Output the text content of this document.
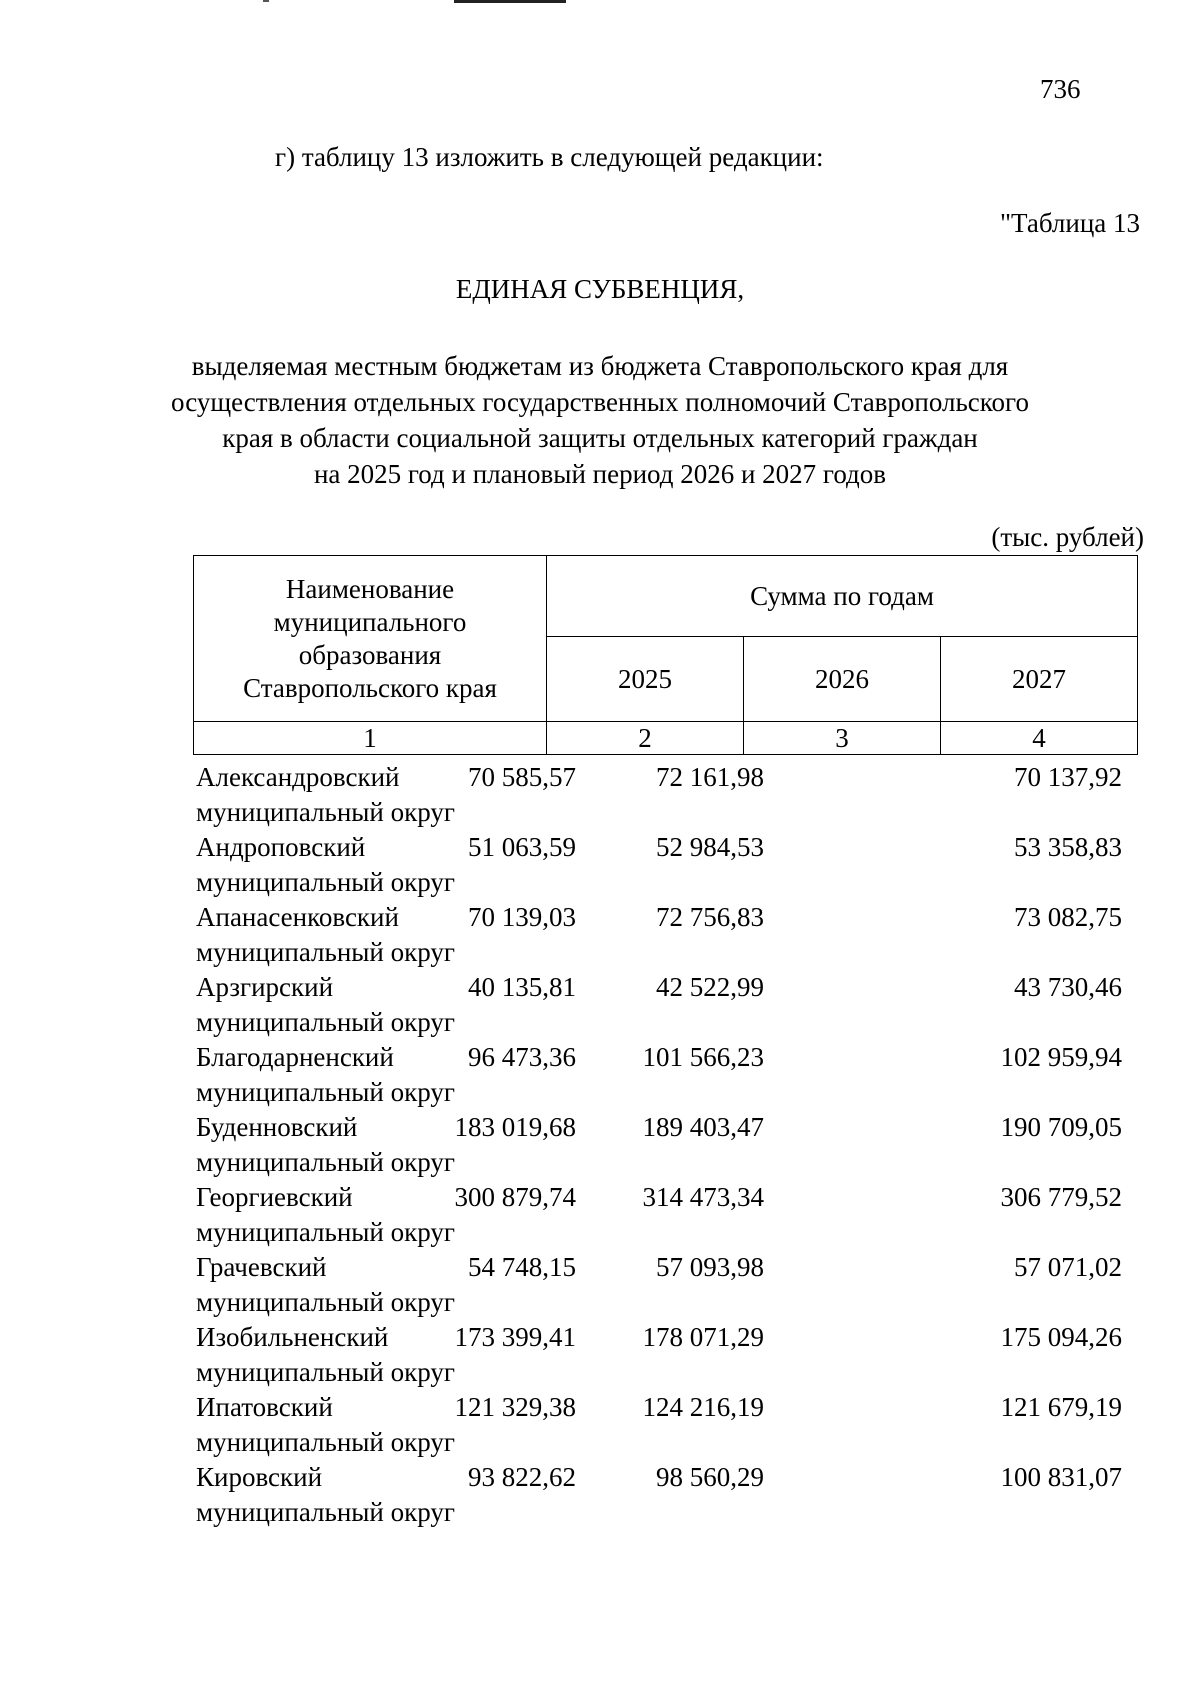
736
г) таблицу 13 изложить в следующей редакции:
"Таблица 13
ЕДИНАЯ СУБВЕНЦИЯ,
выделяемая местным бюджетам из бюджета Ставропольского края для
осуществления отдельных государственных полномочий Ставропольского
края в области социальной защиты отдельных категорий граждан
на 2025 год и плановый период 2026 и 2027 годов
(тыс. рублей)
Наименование
муниципального
образования
Ставропольского края	Сумма по годам		
	2025	2026	2027
1	2	3	4
Александровский
муниципальный округ
70 585,57	72 161,98	70 137,92
Андроповский
муниципальный округ
51 063,59	52 984,53	53 358,83
Апанасенковский
муниципальный округ
70 139,03	72 756,83	73 082,75
Арзгирский
муниципальный округ
40 135,81	42 522,99	43 730,46
Благодарненский
муниципальный округ
96 473,36	101 566,23	102 959,94
Буденновский
муниципальный округ
183 019,68	189 403,47	190 709,05
Георгиевский
муниципальный округ
300 879,74	314 473,34	306 779,52
Грачевский
муниципальный округ
54 748,15	57 093,98	57 071,02
Изобильненский
муниципальный округ
173 399,41	178 071,29	175 094,26
Ипатовский
муниципальный округ
121 329,38	124 216,19	121 679,19
Кировский
муниципальный округ
93 822,62	98 560,29	100 831,07
